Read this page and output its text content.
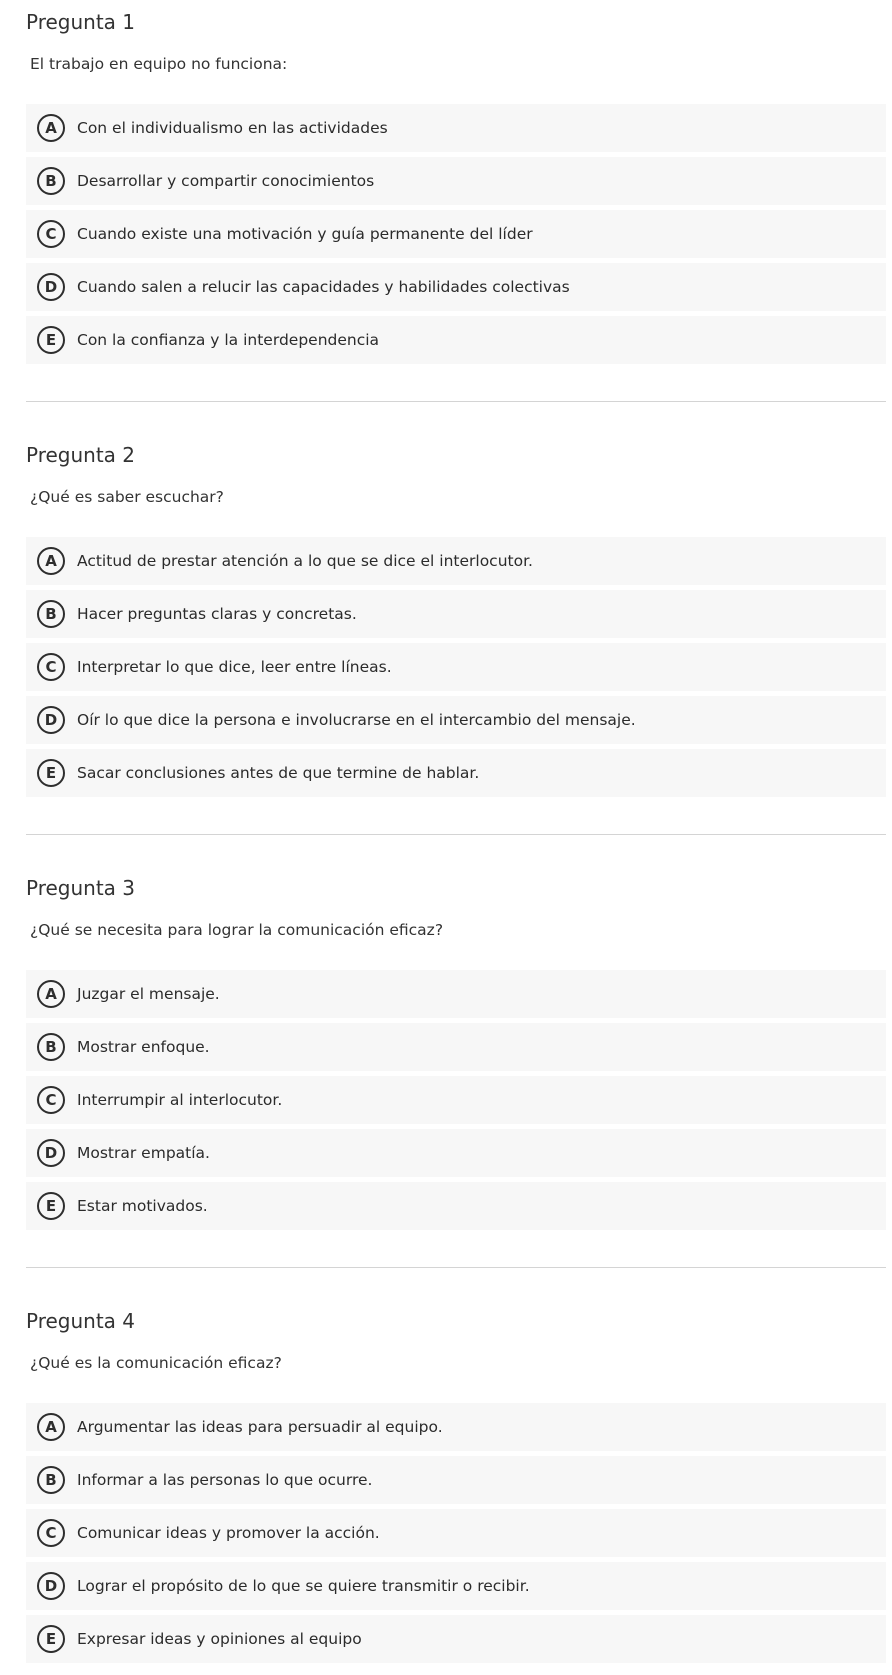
Pregunta 1

El trabajo en equipo no funciona:

A	Con el individualismo en las actividades
B	Desarrollar y compartir conocimientos
C	Cuando existe una motivación y guía permanente del líder
D	Cuando salen a relucir las capacidades y habilidades colectivas
E	Con la confianza y la interdependencia
Pregunta 2

¿Qué es saber escuchar?

A	Actitud de prestar atención a lo que se dice el interlocutor.
B	Hacer preguntas claras y concretas.
C	Interpretar lo que dice, leer entre líneas.
D	Oír lo que dice la persona e involucrarse en el intercambio del mensaje.
E	Sacar conclusiones antes de que termine de hablar.
Pregunta 3

¿Qué se necesita para lograr la comunicación eficaz?

A	Juzgar el mensaje.
B	Mostrar enfoque.
C	Interrumpir al interlocutor.
D	Mostrar empatía.
E	Estar motivados.
Pregunta 4

¿Qué es la comunicación eficaz?

A	Argumentar las ideas para persuadir al equipo.
B	Informar a las personas lo que ocurre.
C	Comunicar ideas y promover la acción.
D	Lograr el propósito de lo que se quiere transmitir o recibir.
E	Expresar ideas y opiniones al equipo
